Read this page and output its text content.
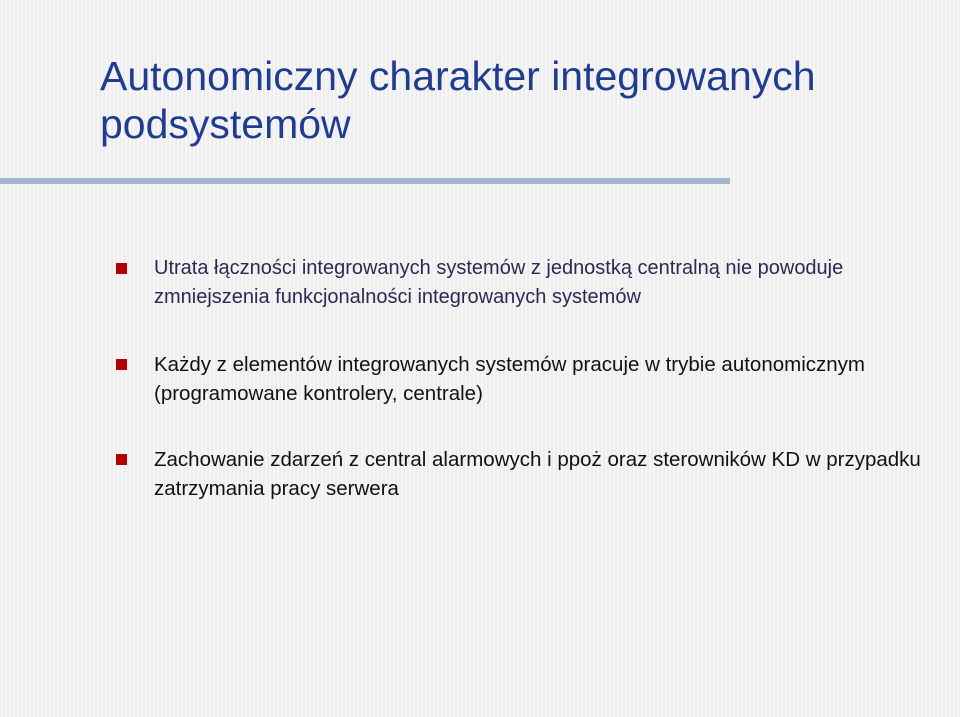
Autonomiczny charakter integrowanych podsystemów
Utrata łączności integrowanych systemów z jednostką centralną nie powoduje zmniejszenia funkcjonalności integrowanych systemów
Każdy z elementów integrowanych systemów pracuje w trybie autonomicznym (programowane kontrolery, centrale)
Zachowanie zdarzeń z central alarmowych i ppoż oraz sterowników KD w przypadku zatrzymania pracy serwera
